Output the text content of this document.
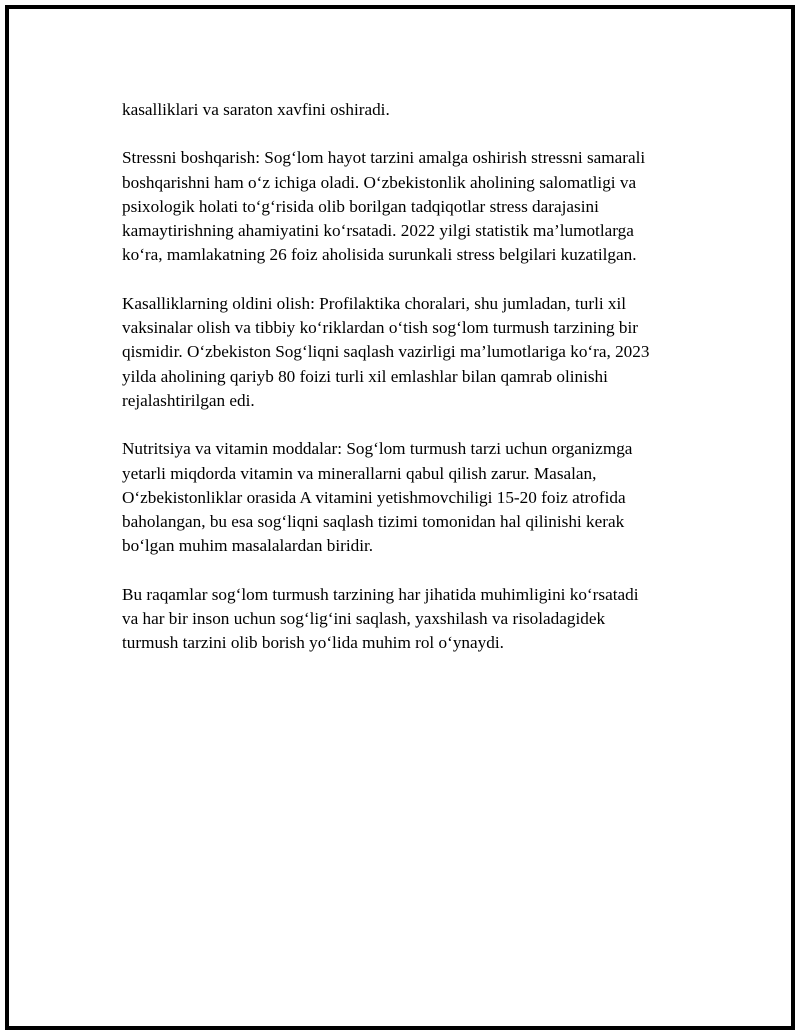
kasalliklari va saraton xavfini oshiradi.

Stressni boshqarish: Sog‘lom hayot tarzini amalga oshirish stressni samarali
boshqarishni ham o‘z ichiga oladi. O‘zbekistonlik aholining salomatligi va
psixologik holati to‘g‘risida olib borilgan tadqiqotlar stress darajasini
kamaytirishning ahamiyatini ko‘rsatadi. 2022 yilgi statistik ma’lumotlarga
ko‘ra, mamlakatning 26 foiz aholisida surunkali stress belgilari kuzatilgan.

Kasalliklarning oldini olish: Profilaktika choralari, shu jumladan, turli xil
vaksinalar olish va tibbiy ko‘riklardan o‘tish sog‘lom turmush tarzining bir
qismidir. O‘zbekiston Sog‘liqni saqlash vazirligi ma’lumotlariga ko‘ra, 2023
yilda aholining qariyb 80 foizi turli xil emlashlar bilan qamrab olinishi
rejalashtirilgan edi.

Nutritsiya va vitamin moddalar: Sog‘lom turmush tarzi uchun organizmga
yetarli miqdorda vitamin va minerallarni qabul qilish zarur. Masalan,
O‘zbekistonliklar orasida A vitamini yetishmovchiligi 15-20 foiz atrofida
baholangan, bu esa sog‘liqni saqlash tizimi tomonidan hal qilinishi kerak
bo‘lgan muhim masalalardan biridir.

Bu raqamlar sog‘lom turmush tarzining har jihatida muhimligini ko‘rsatadi
va har bir inson uchun sog‘lig‘ini saqlash, yaxshilash va risoladagidek
turmush tarzini olib borish yo‘lida muhim rol o‘ynaydi.
